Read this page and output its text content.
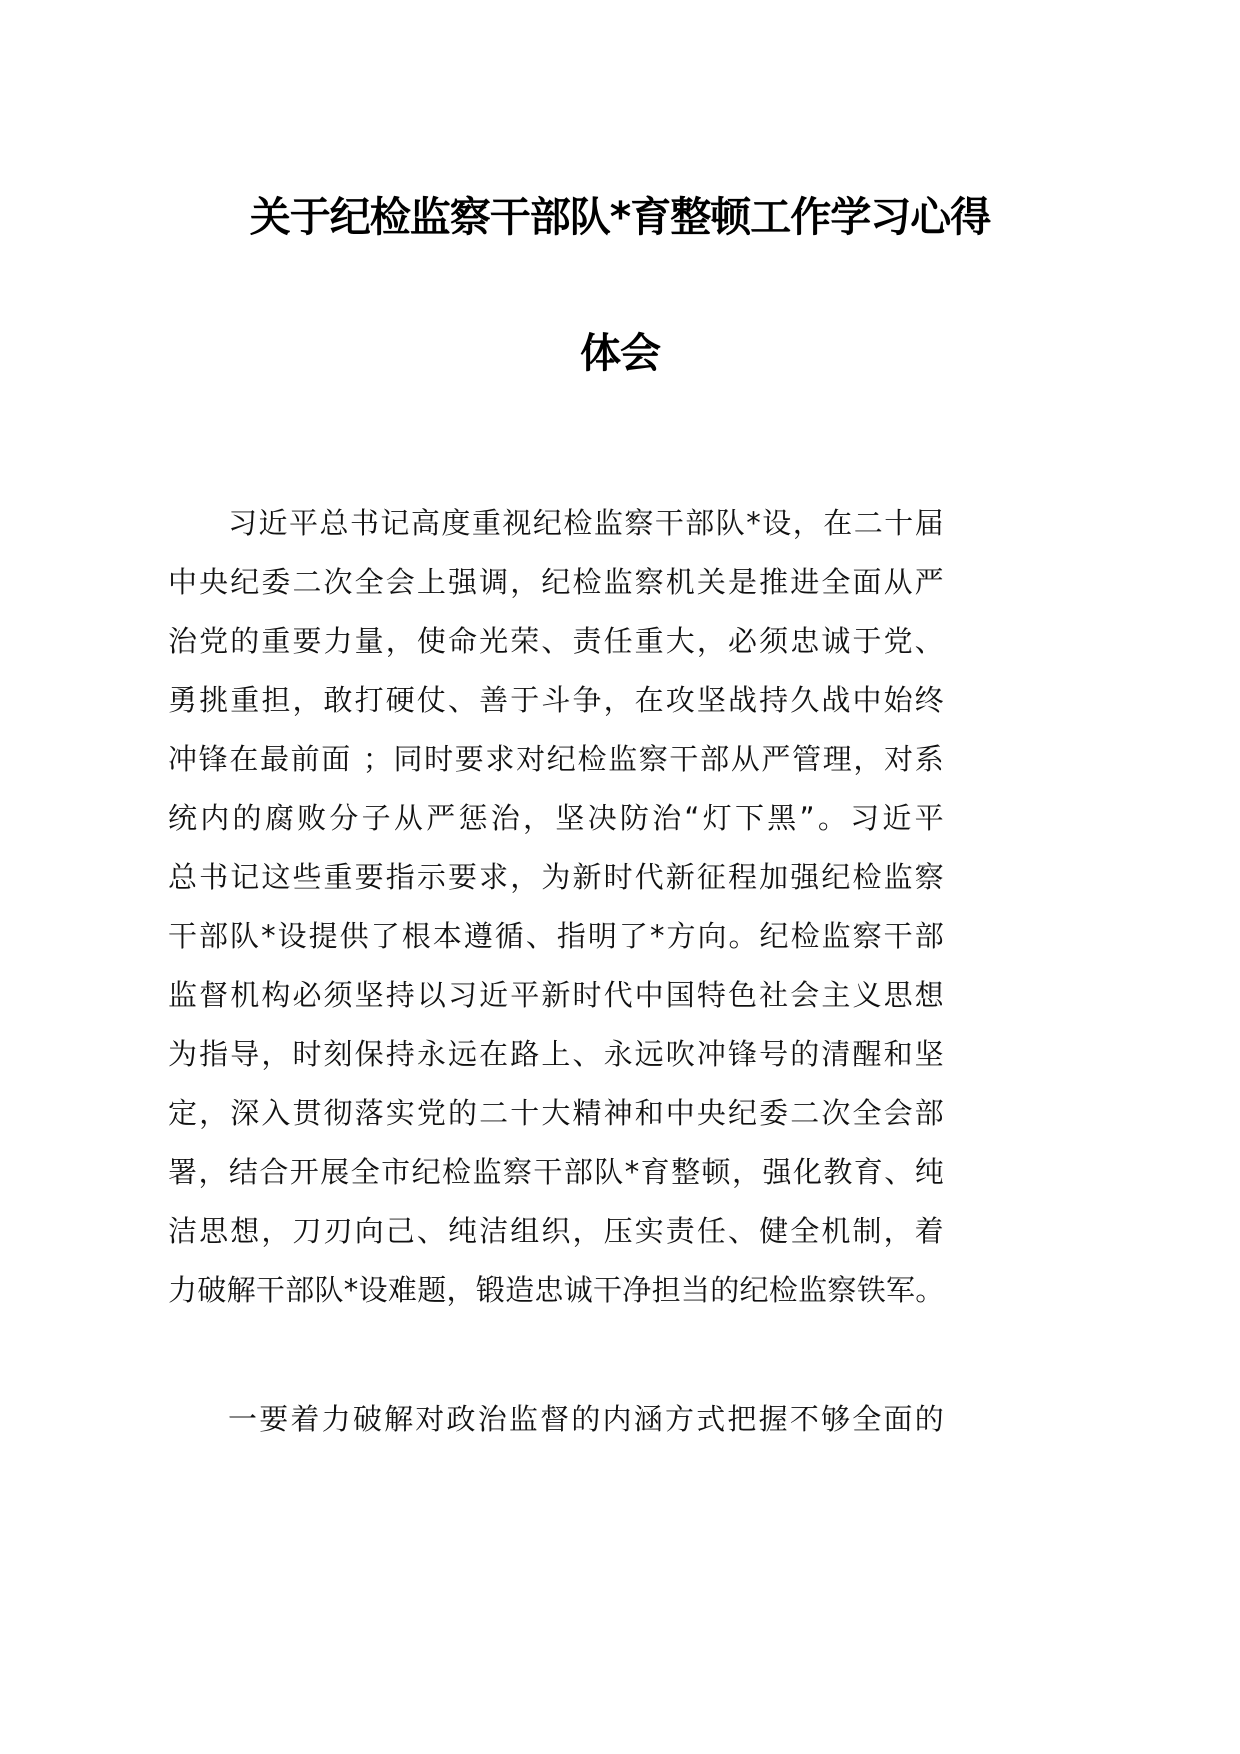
关于纪检监察干部队*育整顿工作学习心得
体会
习近平总书记高度重视纪检监察干部队*设，在二十届
中央纪委二次全会上强调，纪检监察机关是推进全面从严
治党的重要力量，使命光荣、责任重大，必须忠诚于党、
勇挑重担，敢打硬仗、善于斗争，在攻坚战持久战中始终
冲锋在最前面 ；同时要求对纪检监察干部从严管理，对系
统内的腐败分子从严惩治，坚决防治“灯下黑”。习近平
总书记这些重要指示要求，为新时代新征程加强纪检监察
干部队*设提供了根本遵循、指明了*方向。纪检监察干部
监督机构必须坚持以习近平新时代中国特色社会主义思想
为指导，时刻保持永远在路上、永远吹冲锋号的清醒和坚
定，深入贯彻落实党的二十大精神和中央纪委二次全会部
署，结合开展全市纪检监察干部队*育整顿，强化教育、纯
洁思想，刀刃向己、纯洁组织，压实责任、健全机制，着
力破解干部队*设难题，锻造忠诚干净担当的纪检监察铁军。
一要着力破解对政治监督的内涵方式把握不够全面的
